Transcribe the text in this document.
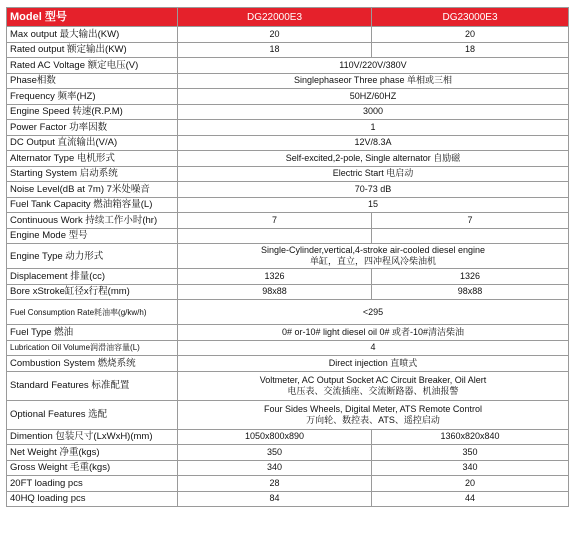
Model 型号	DG22000E3	DG23000E3
Max output 最大输出(KW)	20	20
Rated output 额定输出(KW)	18	18
Rated AC Voltage 额定电压(V)	110V/220V/380V	
Phase相数	Singlephaseor Three phase 单相或三相	
Frequency 频率(HZ)	50HZ/60HZ	
Engine Speed 转速(R.P.M)	3000	
Power Factor 功率因数	1	
DC Output 直流输出(V/A)	12V/8.3A	
Alternator Type 电机形式	Self-excited,2-pole, Single alternator 自励磁	
Starting System 启动系统	Electric Start 电启动	
Noise Level(dB at 7m) 7米处噪音	70-73 dB	
Fuel Tank Capacity 燃油箱容量(L)	15	
Continuous Work 持续工作小时(hr)	7	7
Engine Mode 型号		
Engine Type 动力形式	Single-Cylinder,vertical,4-stroke air-cooled diesel engine
单缸，直立，四冲程风冷柴油机	

Displacement 排量(cc)	1326	1326
Bore xStroke缸径x行程(mm)	98x88	98x88
Fuel Consumption Rate耗油率(g/kw/h)	<295	
Fuel Type 燃油	0# or-10# light diesel oil 0# 或者-10#清洁柴油	
Lubrication Oil Volume润滑油容量(L)	4	
Combustion System 燃烧系统	Direct injection 直喷式	
Standard Features 标准配置	Voltmeter, AC Output Socket AC Circuit Breaker, Oil Alert
电压表、交流插座、交流断路器、机油报警	

Optional Features 选配	Four Sides Wheels, Digital Meter, ATS Remote Control
万向轮、数控表、ATS、遥控启动	

Dimention 包装尺寸(LxWxH)(mm)	1050x800x890	1360x820x840
Net Weight 净重(kgs)	350	350
Gross Weight 毛重(kgs)	340	340
20FT loading pcs	28	20
40HQ loading pcs	84	44
